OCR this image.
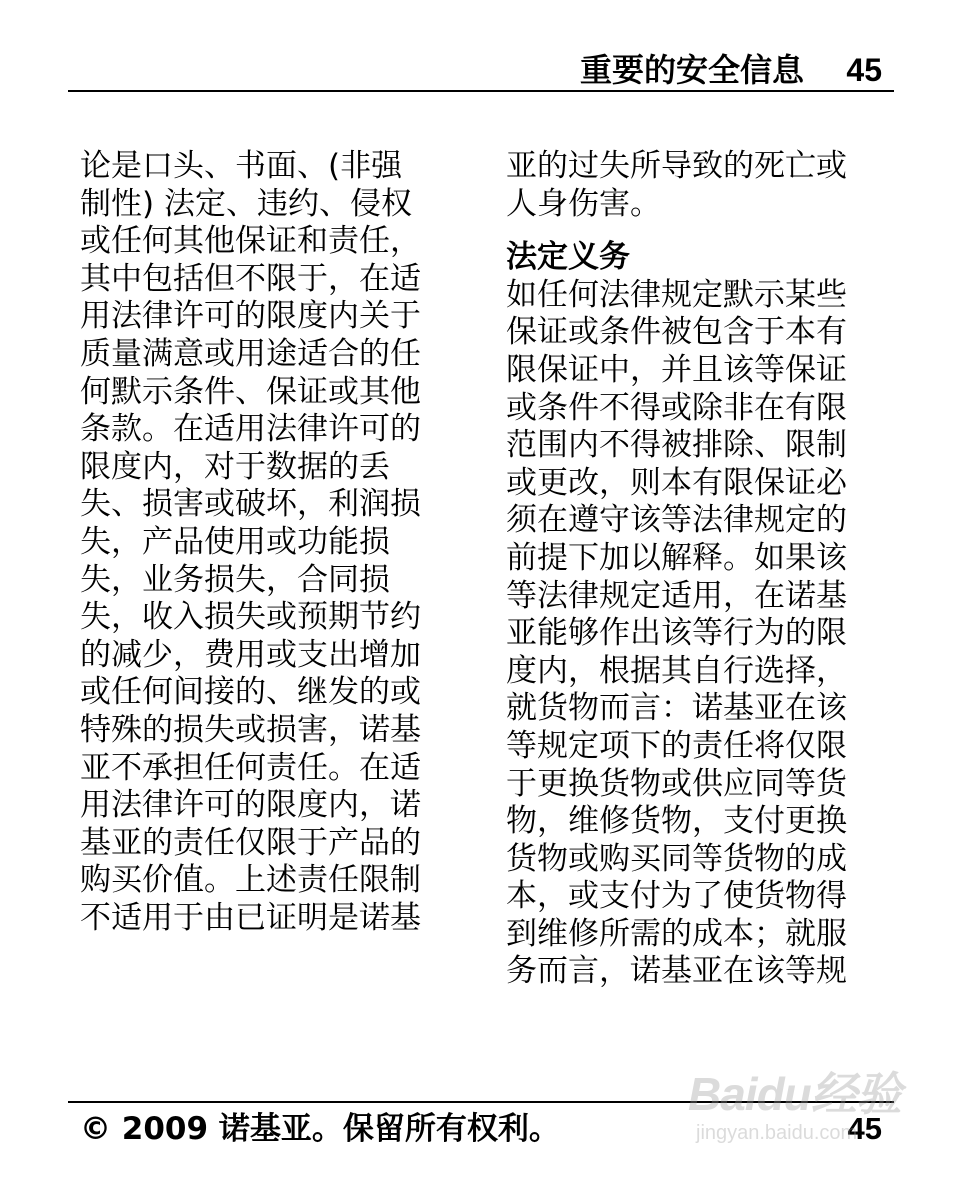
重要的安全信息 45
论是口头、书面、(非强
制性) 法定、违约、侵权
或任何其他保证和责任，
其中包括但不限于，在适
用法律许可的限度内关于
质量满意或用途适合的任
何默示条件、保证或其他
条款。在适用法律许可的
限度内，对于数据的丢
失、损害或破坏，利润损
失，产品使用或功能损
失，业务损失，合同损
失，收入损失或预期节约
的减少，费用或支出增加
或任何间接的、继发的或
特殊的损失或损害，诺基
亚不承担任何责任。在适
用法律许可的限度内，诺
基亚的责任仅限于产品的
购买价值。上述责任限制
不适用于由已证明是诺基
亚的过失所导致的死亡或
人身伤害。
法定义务
如任何法律规定默示某些
保证或条件被包含于本有
限保证中，并且该等保证
或条件不得或除非在有限
范围内不得被排除、限制
或更改，则本有限保证必
须在遵守该等法律规定的
前提下加以解释。如果该
等法律规定适用，在诺基
亚能够作出该等行为的限
度内，根据其自行选择，
就货物而言：诺基亚在该
等规定项下的责任将仅限
于更换货物或供应同等货
物，维修货物，支付更换
货物或购买同等货物的成
本，或支付为了使货物得
到维修所需的成本；就服
务而言，诺基亚在该等规
© 2009 诺基亚。保留所有权利。	45
Baidu经验
jingyan.baidu.com
